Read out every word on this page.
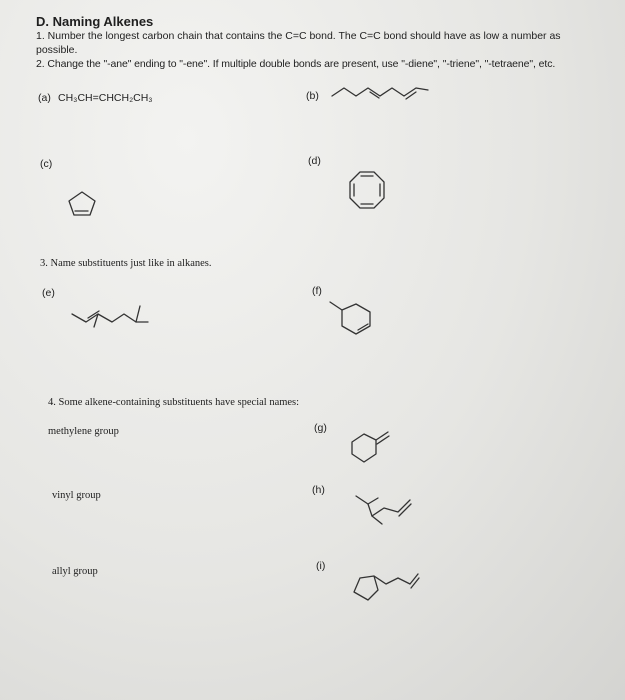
D. Naming Alkenes
1. Number the longest carbon chain that contains the C=C bond. The C=C bond should have as low a number as
possible.
2. Change the "-ane" ending to "-ene". If multiple double bonds are present, use "-diene", "-triene", "-tetraene", etc.
(a) CH₃CH=CHCH₂CH₃	(b)
(c)	(d)
3. Name substituents just like in alkanes.
(e)	(f)
4. Some alkene-containing substituents have special names:
methylene group	(g)
vinyl group	(h)
allyl group	(i)
